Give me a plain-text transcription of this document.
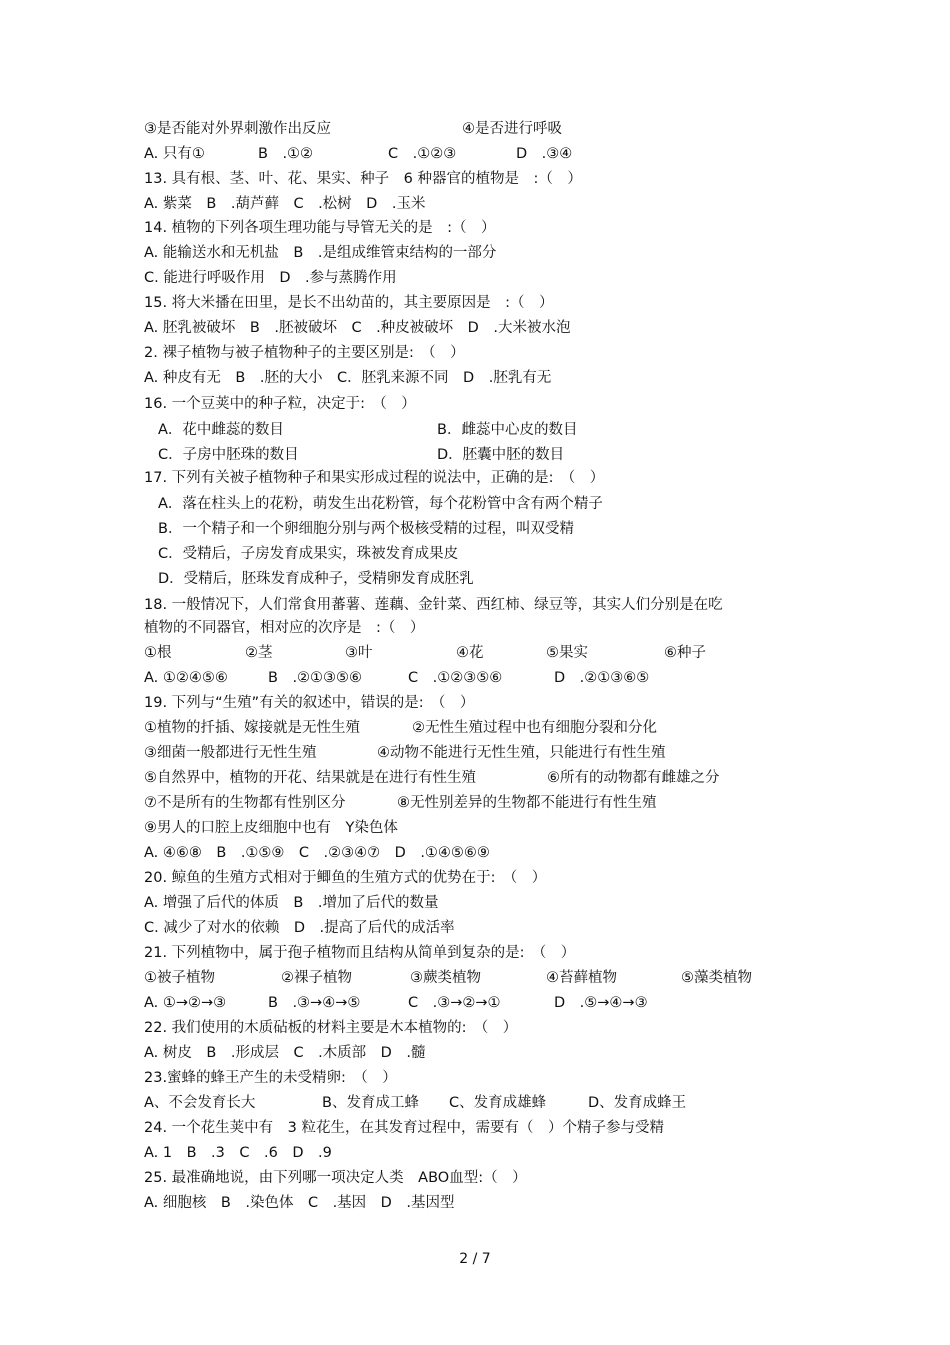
③是否能对外界刺激作出反应	④是否进行呼吸
A. 只有①	B　.①②	C　.①②③	D　.③④
13. 具有根、茎、叶、花、果实、种子　6 种器官的植物是　:（　）
A. 紫菜　B　.葫芦藓　C　.松树　D　.玉米
14. 植物的下列各项生理功能与导管无关的是　:（　）
A. 能输送水和无机盐　B　.是组成维管束结构的一部分
C. 能进行呼吸作用　D　.参与蒸腾作用
15. 将大米播在田里，是长不出幼苗的，其主要原因是　:（　）
A. 胚乳被破坏　B　.胚被破坏　C　.种皮被破坏　D　.大米被水泡
2. 裸子植物与被子植物种子的主要区别是:　（　）
A. 种皮有无　B　.胚的大小　C．胚乳来源不同　D　.胚乳有无
16. 一个豆荚中的种子粒，决定于:　（　）
A．花中雌蕊的数目	B．雌蕊中心皮的数目
C．子房中胚珠的数目	D．胚囊中胚的数目
17. 下列有关被子植物种子和果实形成过程的说法中，正确的是:　（　）
A．落在柱头上的花粉，萌发生出花粉管，每个花粉管中含有两个精子
B．一个精子和一个卵细胞分别与两个极核受精的过程，叫双受精
C．受精后，子房发育成果实，珠被发育成果皮
D．受精后，胚珠发育成种子，受精卵发育成胚乳
18. 一般情况下，人们常食用蕃薯、莲藕、金针菜、西红柿、绿豆等，其实人们分别是在吃
植物的不同器官，相对应的次序是　:（　）
①根	②茎	③叶	④花	⑤果实	⑥种子
A. ①②④⑤⑥	B　.②①③⑤⑥	C　.①②③⑤⑥	D　.②①③⑥⑤
19. 下列与“生殖”有关的叙述中，错误的是:　（　）
①植物的扦插、嫁接就是无性生殖	②无性生殖过程中也有细胞分裂和分化
③细菌一般都进行无性生殖	④动物不能进行无性生殖，只能进行有性生殖
⑤自然界中，植物的开花、结果就是在进行有性生殖	⑥所有的动物都有雌雄之分
⑦不是所有的生物都有性别区分	⑧无性别差异的生物都不能进行有性生殖
⑨男人的口腔上皮细胞中也有　Y染色体
A. ④⑥⑧　B　.①⑤⑨　C　.②③④⑦　D　.①④⑤⑥⑨
20. 鲸鱼的生殖方式相对于鲫鱼的生殖方式的优势在于:　（　）
A. 增强了后代的体质　B　.增加了后代的数量
C. 减少了对水的依赖　D　.提高了后代的成活率
21. 下列植物中，属于孢子植物而且结构从简单到复杂的是:　（　）
①被子植物	②裸子植物	③蕨类植物	④苔藓植物	⑤藻类植物
A. ①→②→③	B　.③→④→⑤	C　.③→②→①	D　.⑤→④→③
22. 我们使用的木质砧板的材料主要是木本植物的:　（　）
A. 树皮　B　.形成层　C　.木质部　D　.髓
23.蜜蜂的蜂王产生的未受精卵:　（　）
A、不会发育长大	B、发育成工蜂 C、发育成雄蜂	D、发育成蜂王
24. 一个花生荚中有　3 粒花生，在其发育过程中，需要有（　）个精子参与受精
A. 1　B　.3　C　.6　D　.9
25. 最准确地说，由下列哪一项决定人类　ABO血型:（　）
A. 细胞核　B　.染色体　C　.基因　D　.基因型
2 / 7
